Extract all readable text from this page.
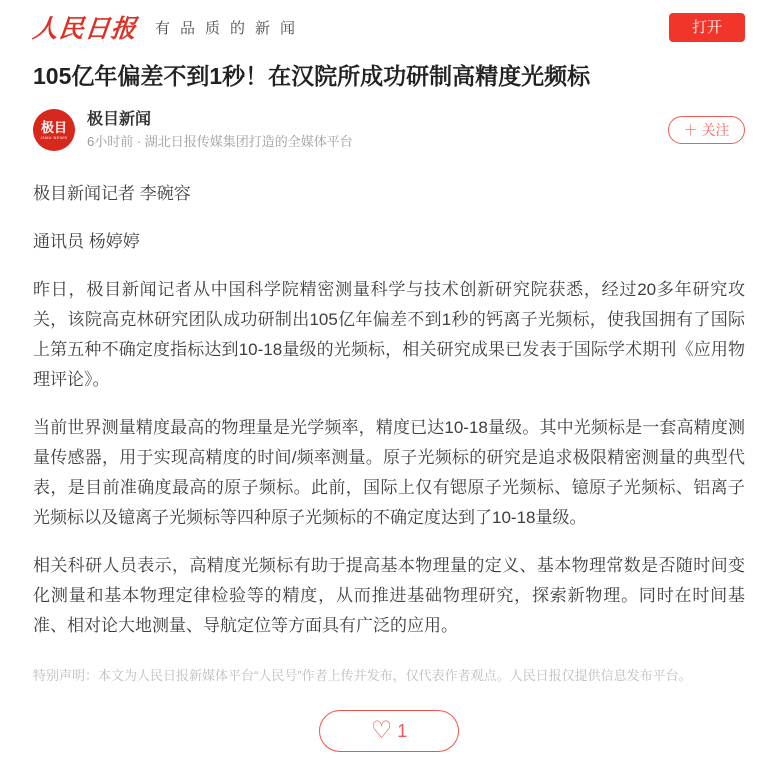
人民日报 有品质的新闻	打开
105亿年偏差不到1秒！在汉院所成功研制高精度光频标
极目
JIMU NEWS
极目新闻
6小时前 · 湖北日报传媒集团打造的全媒体平台
＋ 关注

极目新闻记者 李碗容

通讯员 杨婷婷

昨日，极目新闻记者从中国科学院精密测量科学与技术创新研究院获悉，经过20多年研究攻关，该院高克林研究团队成功研制出105亿年偏差不到1秒的钙离子光频标，使我国拥有了国际上第五种不确定度指标达到10-18量级的光频标，相关研究成果已发表于国际学术期刊《应用物理评论》。

当前世界测量精度最高的物理量是光学频率，精度已达10-18量级。其中光频标是一套高精度测量传感器，用于实现高精度的时间/频率测量。原子光频标的研究是追求极限精密测量的典型代表，是目前准确度最高的原子频标。此前，国际上仅有锶原子光频标、镱原子光频标、铝离子光频标以及镱离子光频标等四种原子光频标的不确定度达到了10-18量级。

相关科研人员表示，高精度光频标有助于提高基本物理量的定义、基本物理常数是否随时间变化测量和基本物理定律检验等的精度，从而推进基础物理研究，探索新物理。同时在时间基准、相对论大地测量、导航定位等方面具有广泛的应用。

特别声明：本文为人民日报新媒体平台“人民号”作者上传并发布，仅代表作者观点。人民日报仅提供信息发布平台。
♡ 1
